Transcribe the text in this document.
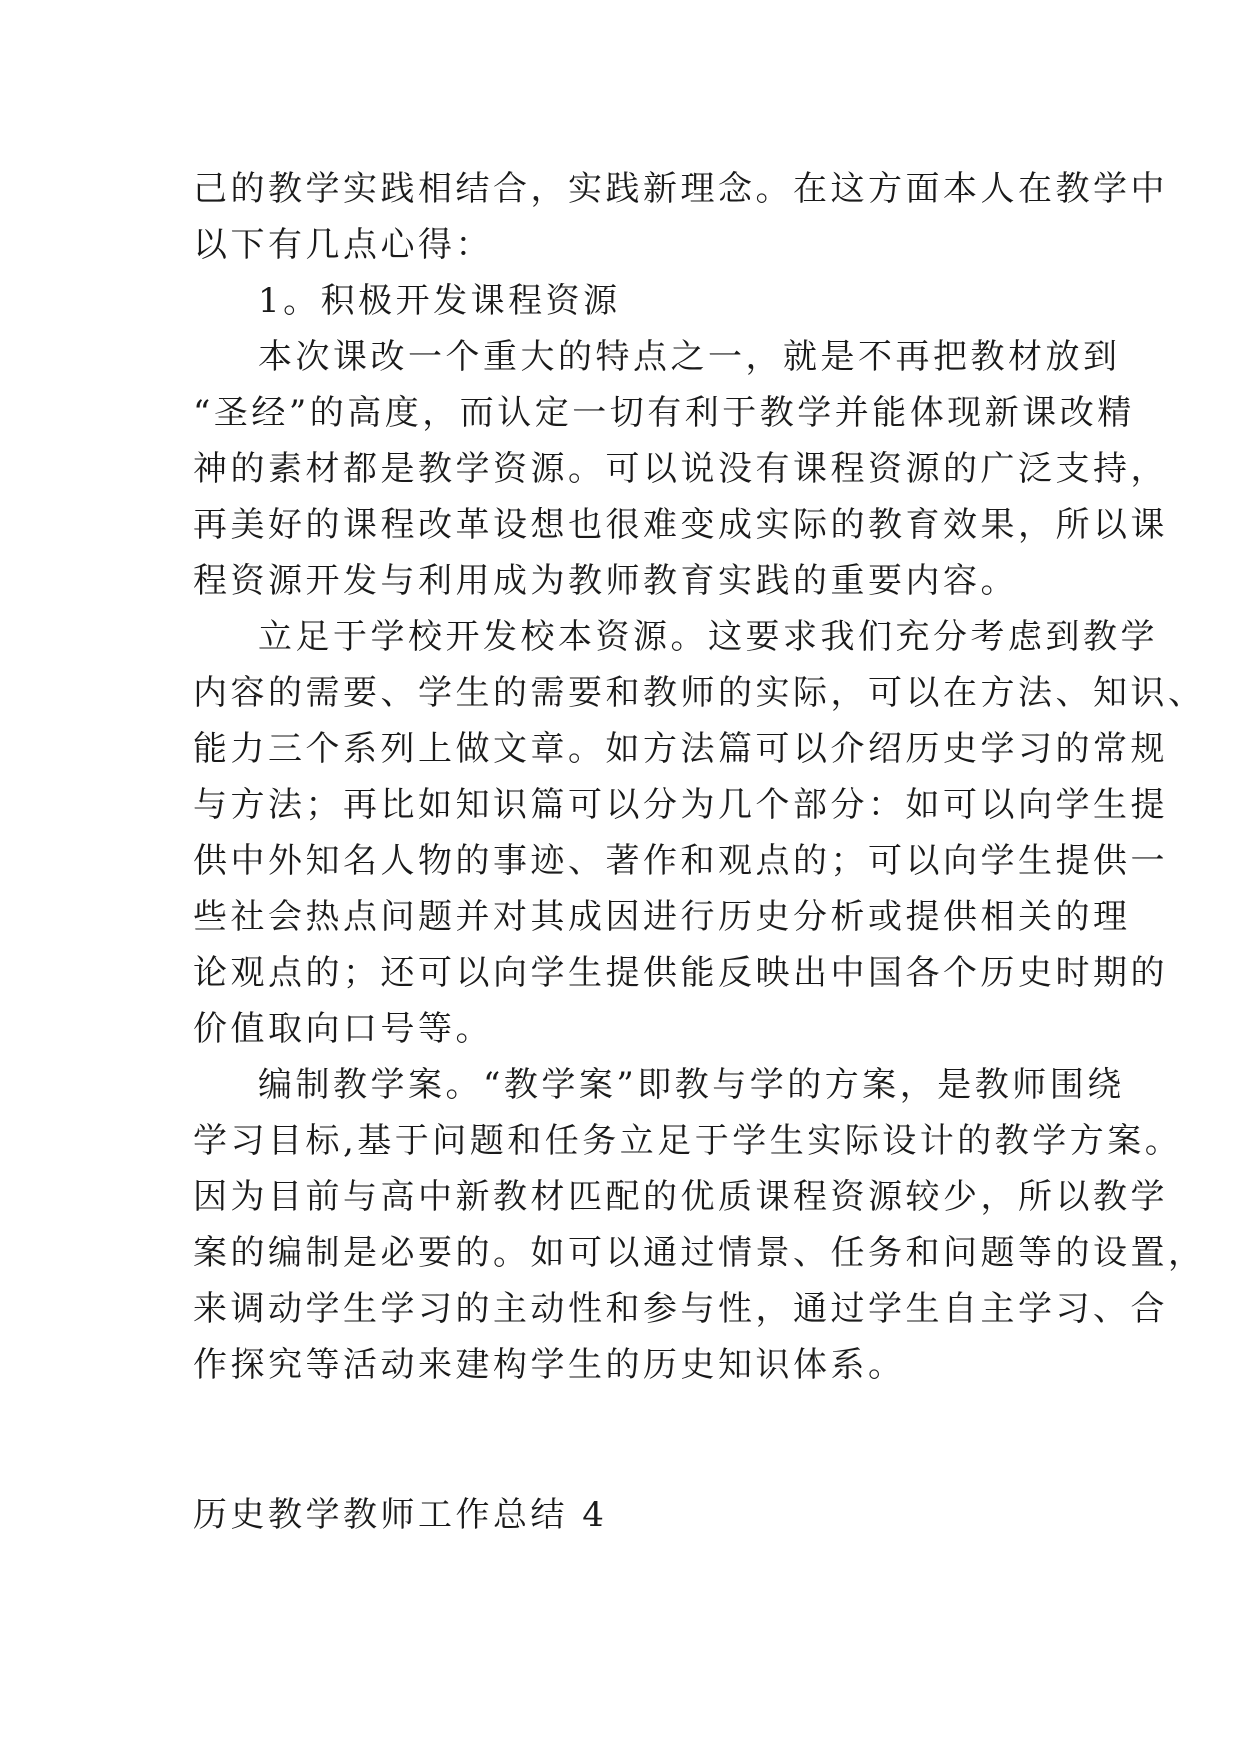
己的教学实践相结合，实践新理念。在这方面本人在教学中
以下有几点心得：
1。积极开发课程资源
本次课改一个重大的特点之一，就是不再把教材放到
“圣经”的高度，而认定一切有利于教学并能体现新课改精
神的素材都是教学资源。可以说没有课程资源的广泛支持，
再美好的课程改革设想也很难变成实际的教育效果，所以课
程资源开发与利用成为教师教育实践的重要内容。
立足于学校开发校本资源。这要求我们充分考虑到教学
内容的需要、学生的需要和教师的实际，可以在方法、知识、
能力三个系列上做文章。如方法篇可以介绍历史学习的常规
与方法；再比如知识篇可以分为几个部分：如可以向学生提
供中外知名人物的事迹、著作和观点的；可以向学生提供一
些社会热点问题并对其成因进行历史分析或提供相关的理
论观点的；还可以向学生提供能反映出中国各个历史时期的
价值取向口号等。
编制教学案。“教学案”即教与学的方案，是教师围绕
学习目标,基于问题和任务立足于学生实际设计的教学方案。
因为目前与高中新教材匹配的优质课程资源较少，所以教学
案的编制是必要的。如可以通过情景、任务和问题等的设置，
来调动学生学习的主动性和参与性，通过学生自主学习、合
作探究等活动来建构学生的历史知识体系。
历史教学教师工作总结 4
